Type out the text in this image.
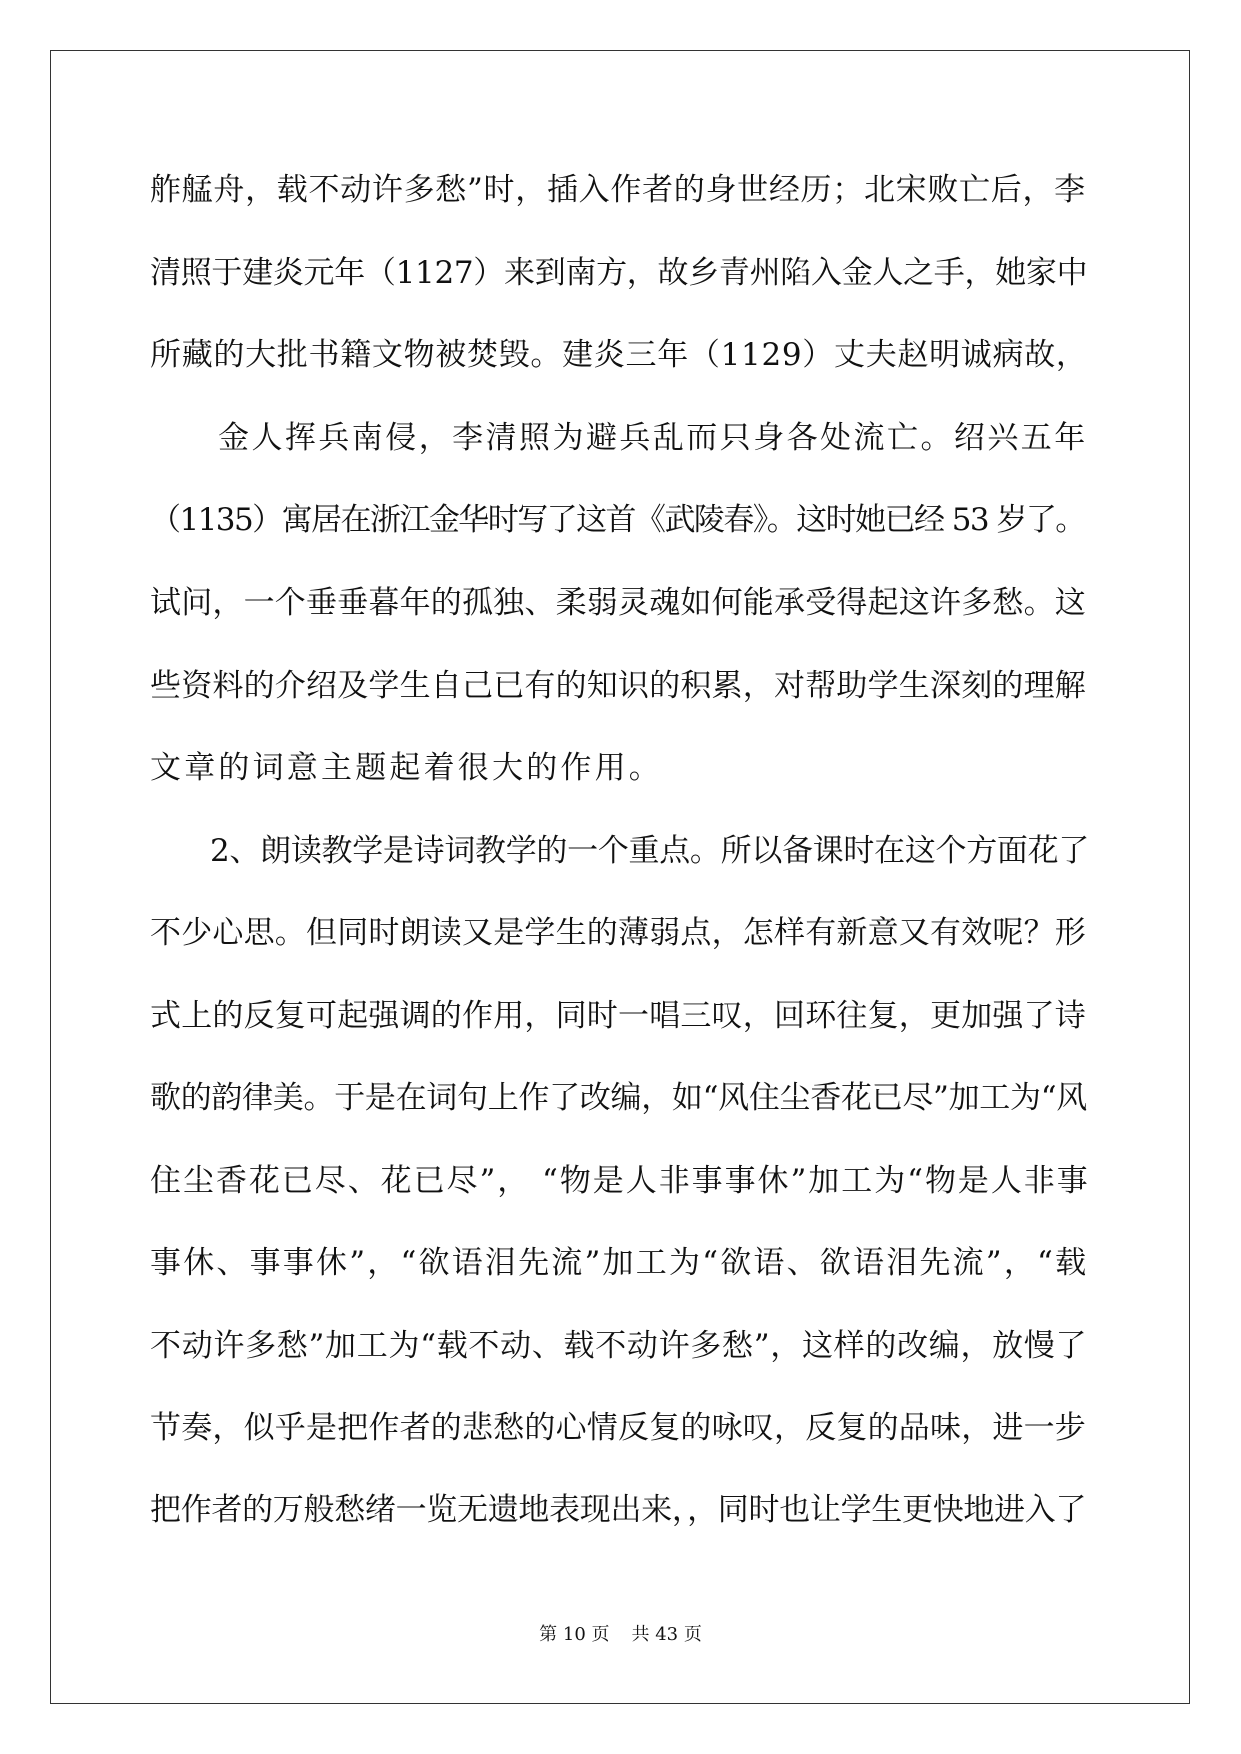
舴艋舟，载不动许多愁”时，插入作者的身世经历；北宋败亡后，李

清照于建炎元年（1127）来到南方，故乡青州陷入金人之手，她家中

所藏的大批书籍文物被焚毁。建炎三年（1129）丈夫赵明诚病故，

金人挥兵南侵，李清照为避兵乱而只身各处流亡。绍兴五年

（1135）寓居在浙江金华时写了这首《武陵春》。这时她已经 53 岁了。

试问，一个垂垂暮年的孤独、柔弱灵魂如何能承受得起这许多愁。这

些资料的介绍及学生自己已有的知识的积累，对帮助学生深刻的理解

文章的词意主题起着很大的作用。

2、朗读教学是诗词教学的一个重点。所以备课时在这个方面花了

不少心思。但同时朗读又是学生的薄弱点，怎样有新意又有效呢？形

式上的反复可起强调的作用，同时一唱三叹，回环往复，更加强了诗

歌的韵律美。于是在词句上作了改编，如“风住尘香花已尽”加工为“风

住尘香花已尽、花已尽”， “物是人非事事休”加工为“物是人非事

事休、事事休”，“欲语泪先流”加工为“欲语、欲语泪先流”，“载

不动许多愁”加工为“载不动、载不动许多愁”，这样的改编，放慢了

节奏，似乎是把作者的悲愁的心情反复的咏叹，反复的品味，进一步

把作者的万般愁绪一览无遗地表现出来，，同时也让学生更快地进入了

第 10 页 共 43 页
